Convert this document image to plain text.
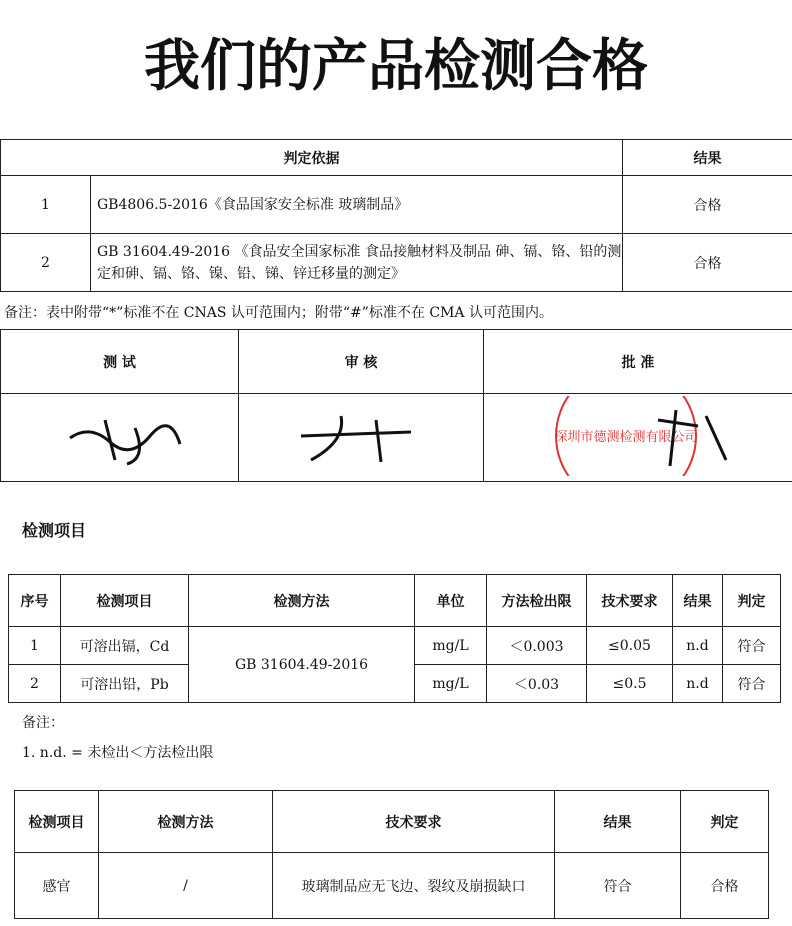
我们的产品检测合格
判定依据		结果
1	GB4806.5-2016《食品国家安全标准 玻璃制品》	合格
2	GB 31604.49-2016 《食品安全国家标准 食品接触材料及制品 砷、镉、铬、铅的测定和砷、镉、铬、镍、铅、锑、锌迁移量的测定》	合格
备注：表中附带“*”标准不在 CNAS 认可范围内；附带“#”标准不在 CMA 认可范围内。
测 试	审 核	批 准

深圳市德测检测有限公司
检测项目
序号	检测项目	检测方法	单位	方法检出限	技术要求	结果	判定
1	可溶出镉，Cd	GB 31604.49-2016	mg/L	＜0.003	≤0.05	n.d	符合
2	可溶出铅，Pb		mg/L	＜0.03	≤0.5	n.d	符合
备注：
1. n.d. = 未检出＜方法检出限
检测项目	检测方法	技术要求	结果	判定
感官	/	玻璃制品应无飞边、裂纹及崩损缺口	符合	合格
